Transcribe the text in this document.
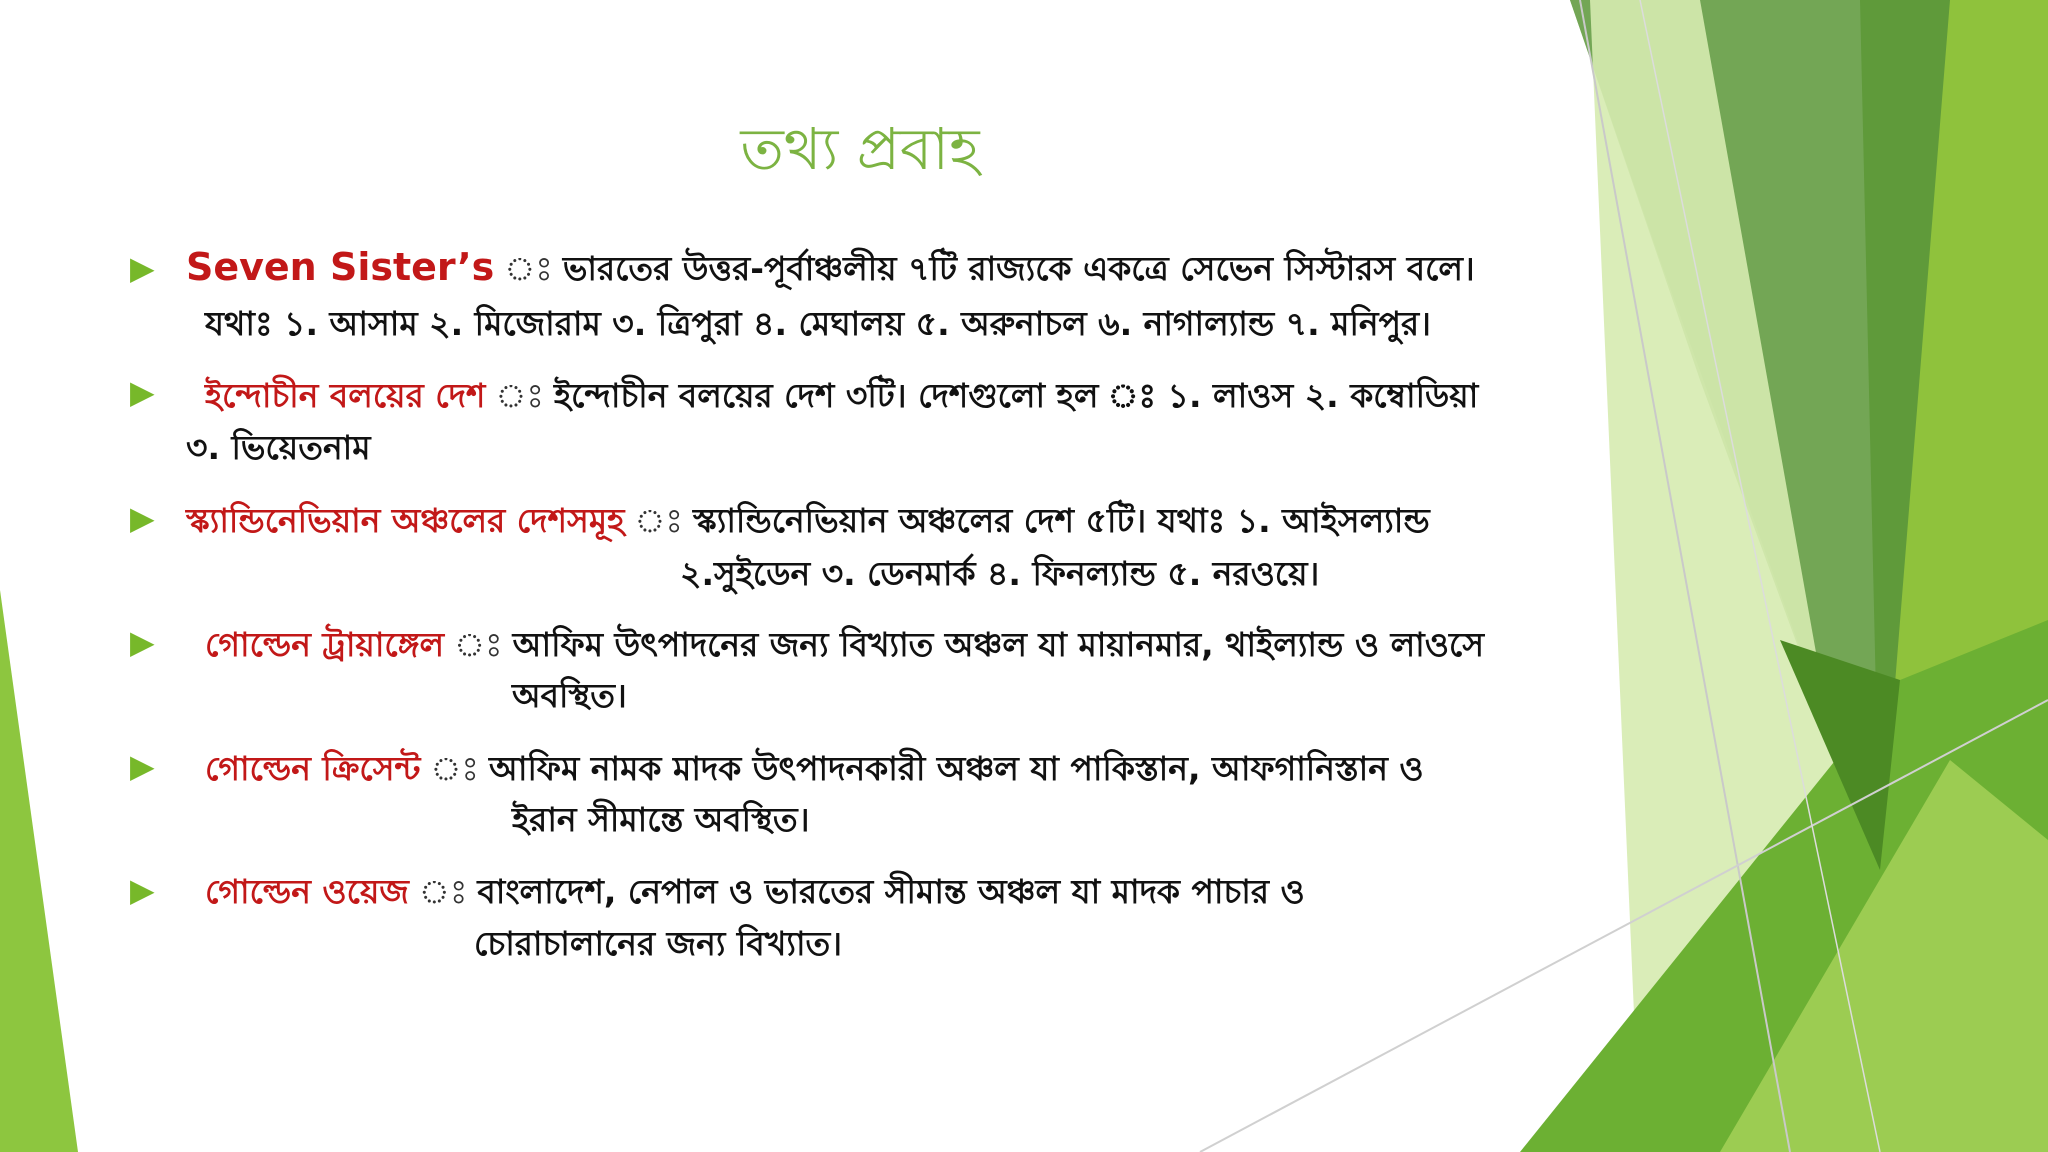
তথ্য প্রবাহ
▶ Seven Sister’s ঃ ভারতের উত্তর-পূর্বাঞ্চলীয় ৭টি রাজ্যকে একত্রে সেভেন সিস্টারস বলে।
যথাঃ ১. আসাম ২. মিজোরাম ৩. ত্রিপুরা ৪. মেঘালয় ৫. অরুনাচল ৬. নাগাল্যান্ড ৭. মনিপুর।
▶ ইন্দোচীন বলয়ের দেশ ঃ ইন্দোচীন বলয়ের দেশ ৩টি। দেশগুলো হল ঃ ১. লাওস ২. কম্বোডিয়া
৩. ভিয়েতনাম
▶ স্ক্যান্ডিনেভিয়ান অঞ্চলের দেশসমূহ ঃ স্ক্যান্ডিনেভিয়ান অঞ্চলের দেশ ৫টি। যথাঃ ১. আইসল্যান্ড
২.সুইডেন ৩. ডেনমার্ক ৪. ফিনল্যান্ড ৫. নরওয়ে।
▶ গোল্ডেন ট্রায়াঙ্গেল ঃ আফিম উৎপাদনের জন্য বিখ্যাত অঞ্চল যা মায়ানমার, থাইল্যান্ড ও লাওসে
অবস্থিত।
▶ গোল্ডেন ক্রিসেন্ট ঃ আফিম নামক মাদক উৎপাদনকারী অঞ্চল যা পাকিস্তান, আফগানিস্তান ও
ইরান সীমান্তে অবস্থিত।
▶ গোল্ডেন ওয়েজ ঃ বাংলাদেশ, নেপাল ও ভারতের সীমান্ত অঞ্চল যা মাদক পাচার ও
চোরাচালানের জন্য বিখ্যাত।
